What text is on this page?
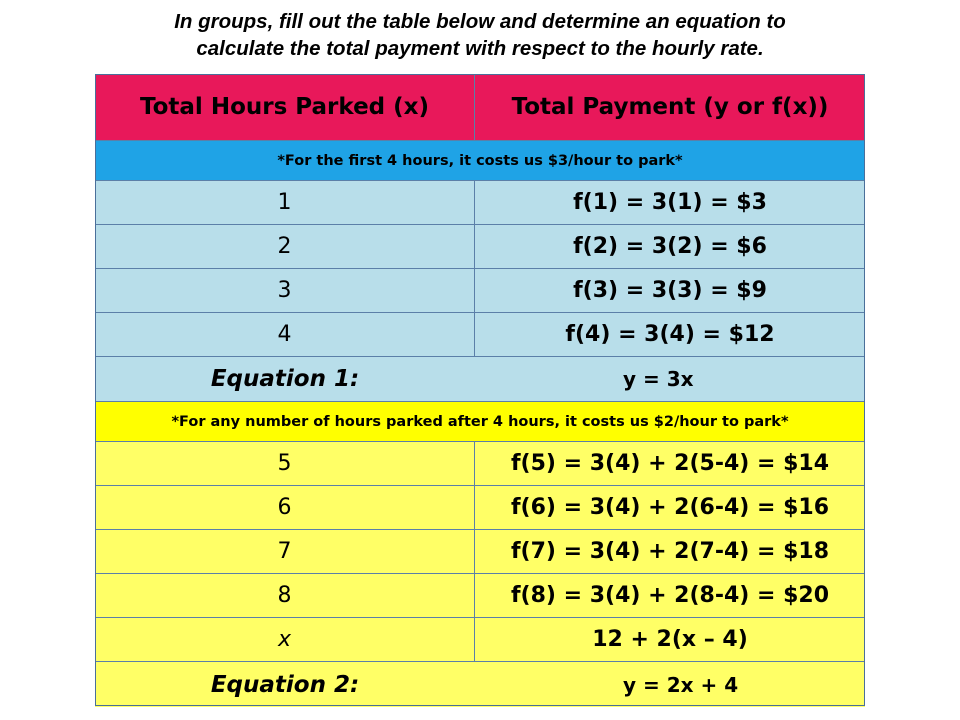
In groups, fill out the table below and determine an equation to
calculate the total payment with respect to the hourly rate.
Total Hours Parked (x)	Total Payment (y or f(x))
*For the first 4 hours, it costs us $3/hour to park*
1	f(1) = 3(1) = $3
2	f(2) = 3(2) = $6
3	f(3) = 3(3) = $9
4	f(4) = 3(4) = $12
Equation 1:	y = 3x
*For any number of hours parked after 4 hours, it costs us $2/hour to park*
5	f(5) = 3(4) + 2(5-4) = $14
6	f(6) = 3(4) + 2(6-4) = $16
7	f(7) = 3(4) + 2(7-4) = $18
8	f(8) = 3(4) + 2(8-4) = $20
x	12 + 2(x – 4)
Equation 2:	y = 2x + 4
